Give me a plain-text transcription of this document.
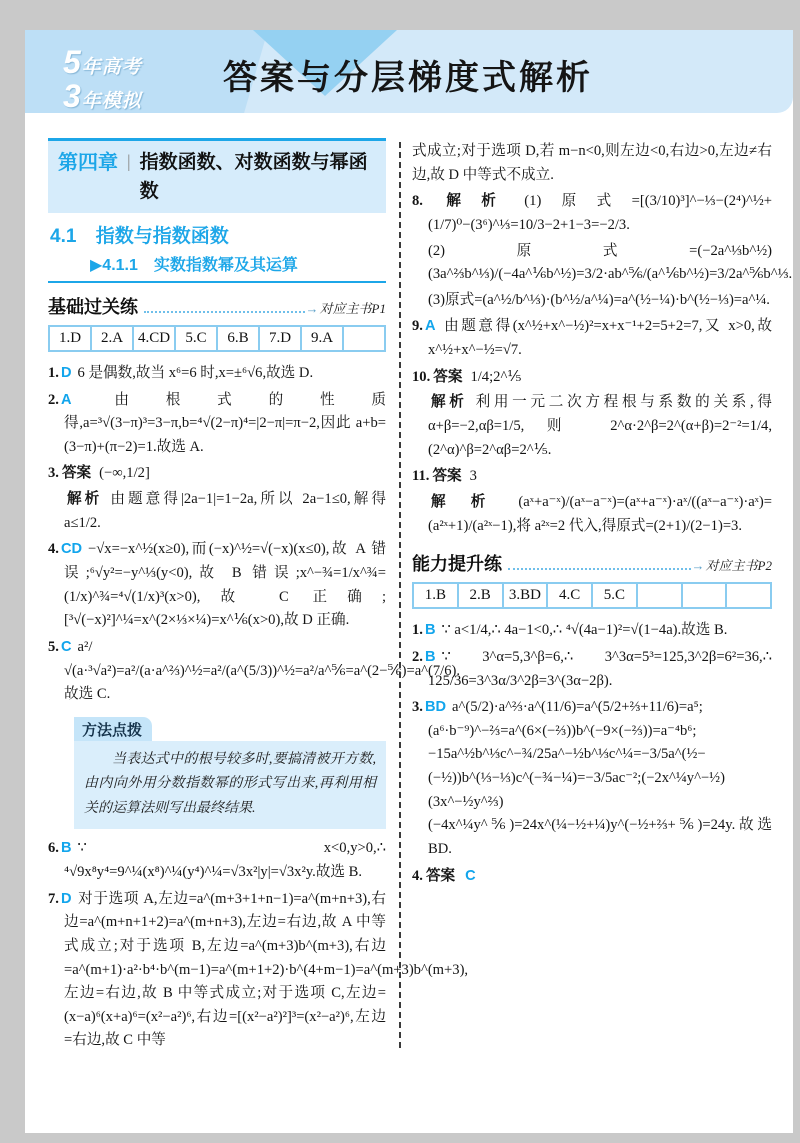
5年高考
3年模拟
答案与分层梯度式解析
第四章 | 指数函数、对数函数与幂函数
4.1 指数与指数函数
▶4.1.1　实数指数幂及其运算
基础过关练	→ 对应主书P1
1.D	2.A	4.CD	5.C	6.B	7.D	9.A	
1. D 6 是偶数,故当 x⁶=6 时,x=±⁶√6,故选 D.
2. A 由根式的性质得,a=³√(3−π)³=3−π,b=⁴√(2−π)⁴=|2−π|=π−2,因此 a+b=(3−π)+(π−2)=1.故选 A.
3. 答案 (−∞,1/2]
解析 由题意得|2a−1|=1−2a,所以 2a−1≤0,解得 a≤1/2.
4. CD −√x=−x^½(x≥0),而(−x)^½=√(−x)(x≤0),故 A 错误;⁶√y²=−y^⅓(y<0),故 B 错误;x^−¾=1/x^¾=(1/x)^¾=⁴√(1/x)³(x>0),故 C 正确;[³√(−x)²]^¼=x^(2×⅓×¼)=x^⅙(x>0),故 D 正确.
5. C a²/√(a·³√a²)=a²/(a·a^⅔)^½=a²/(a^(5/3))^½=a²/a^⅚=a^(2−⅚)=a^(7/6).故选 C.
方法点拨
当表达式中的根号较多时,要搞清被开方数,由内向外用分数指数幂的形式写出来,再利用相关的运算法则写出最终结果.
6. B ∵ x<0,y>0,∴ ⁴√9x⁸y⁴=9^¼(x⁸)^¼(y⁴)^¼=√3x²|y|=√3x²y.故选 B.
7. D 对于选项 A,左边=a^(m+3+1+n−1)=a^(m+n+3),右边=a^(m+n+1+2)=a^(m+n+3),左边=右边,故 A 中等式成立;对于选项 B,左边=a^(m+3)b^(m+3),右边=a^(m+1)·a²·b⁴·b^(m−1)=a^(m+1+2)·b^(4+m−1)=a^(m+3)b^(m+3),左边=右边,故 B 中等式成立;对于选项 C,左边=(x−a)⁶(x+a)⁶=(x²−a²)⁶,右边=[(x²−a²)²]³=(x²−a²)⁶,左边=右边,故 C 中等
式成立;对于选项 D,若 m−n<0,则左边<0,右边>0,左边≠右边,故 D 中等式不成立.
8. 解析 (1)原式=[(3/10)³]^−⅓−(2⁴)^½+(1/7)⁰−(3⁶)^⅓=10/3−2+1−3=−2/3.
(2)原式=(−2a^⅓b^½)(3a^⅔b^⅓)/(−4a^⅙b^½)=3/2·ab^⅚/(a^⅙b^½)=3/2a^⅚b^⅓.
(3)原式=(a^½/b^⅓)·(b^½/a^¼)=a^(½−¼)·b^(½−⅓)=a^¼.
9. A 由题意得(x^½+x^−½)²=x+x⁻¹+2=5+2=7,又 x>0,故 x^½+x^−½=√7.
10. 答案 1/4;2^⅕
解析 利用一元二次方程根与系数的关系,得 α+β=−2,αβ=1/5,则 2^α·2^β=2^(α+β)=2⁻²=1/4,(2^α)^β=2^αβ=2^⅕.
11. 答案 3
解析 (aˣ+a⁻ˣ)/(aˣ−a⁻ˣ)=(aˣ+a⁻ˣ)·aˣ/((aˣ−a⁻ˣ)·aˣ)=(a²ˣ+1)/(a²ˣ−1),将 a²ˣ=2 代入,得原式=(2+1)/(2−1)=3.
能力提升练	→ 对应主书P2
1.B	2.B	3.BD	4.C	5.C			
1. B ∵ a<1/4,∴ 4a−1<0,∴ ⁴√(4a−1)²=√(1−4a).故选 B.
2. B ∵ 3^α=5,3^β=6,∴ 3^3α=5³=125,3^2β=6²=36,∴ 125/36=3^3α/3^2β=3^(3α−2β).
3. BD a^(5/2)·a^⅔·a^(11/6)=a^(5/2+⅔+11/6)=a⁵;(a⁶·b⁻⁹)^−⅔=a^(6×(−⅔))b^(−9×(−⅔))=a⁻⁴b⁶;−15a^½b^⅓c^−¾/25a^−½b^⅓c^¼=−3/5a^(½−(−½))b^(⅓−⅓)c^(−¾−¼)=−3/5ac⁻²;(−2x^¼y^−½)(3x^−½y^⅔)(−4x^¼y^⅚)=24x^(¼−½+¼)y^(−½+⅔+⅚)=24y.故选 BD.
4. 答案 C
